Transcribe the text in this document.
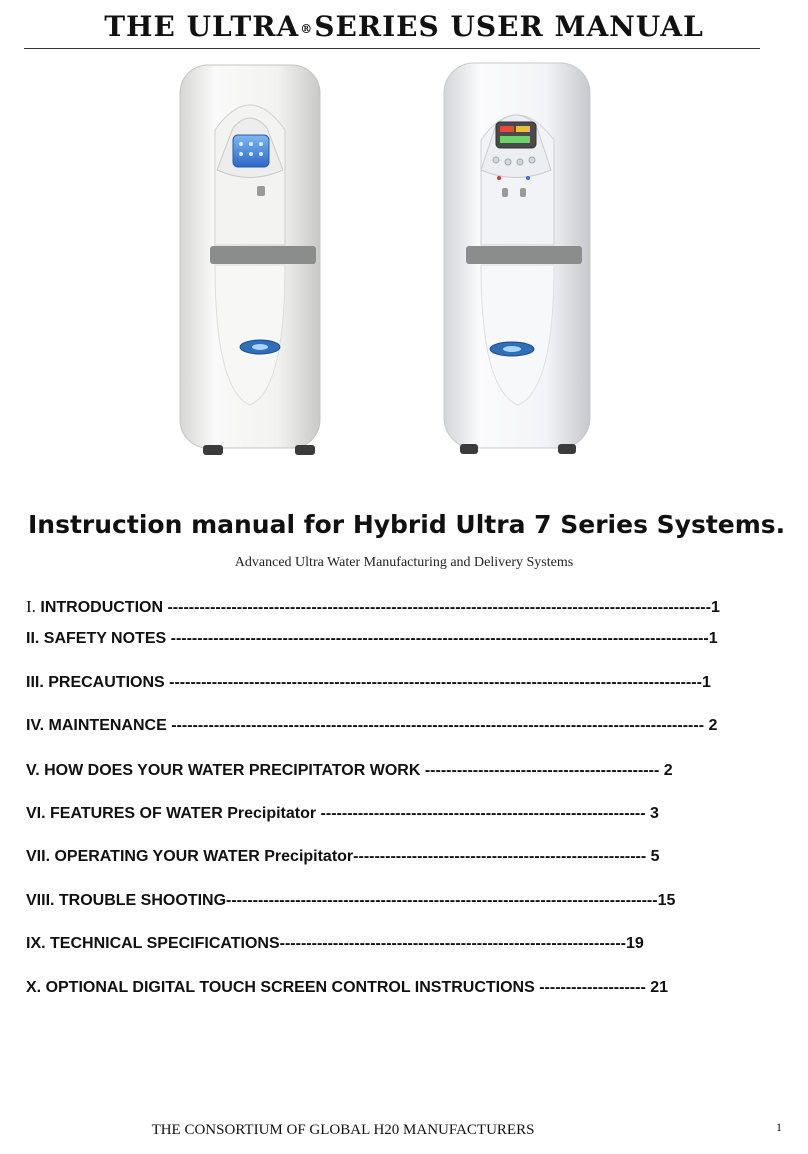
THE ULTRA®SERIES USER MANUAL
Instruction manual for Hybrid Ultra 7 Series Systems.
Advanced Ultra Water Manufacturing and Delivery Systems
I. INTRODUCTION ------------------------------------------------------------------------------------------------------1
II. SAFETY NOTES -----------------------------------------------------------------------------------------------------1
III. PRECAUTIONS ----------------------------------------------------------------------------------------------------1
IV. MAINTENANCE ---------------------------------------------------------------------------------------------------- 2
V. HOW DOES YOUR WATER PRECIPITATOR WORK -------------------------------------------- 2
VI. FEATURES OF WATER Precipitator ------------------------------------------------------------- 3
VII. OPERATING YOUR WATER Precipitator------------------------------------------------------- 5
VIII. TROUBLE SHOOTING---------------------------------------------------------------------------------15
IX. TECHNICAL SPECIFICATIONS-----------------------------------------------------------------19
X. OPTIONAL DIGITAL TOUCH SCREEN CONTROL INSTRUCTIONS -------------------- 21
THE CONSORTIUM OF GLOBAL H20 MANUFACTURERS	1
